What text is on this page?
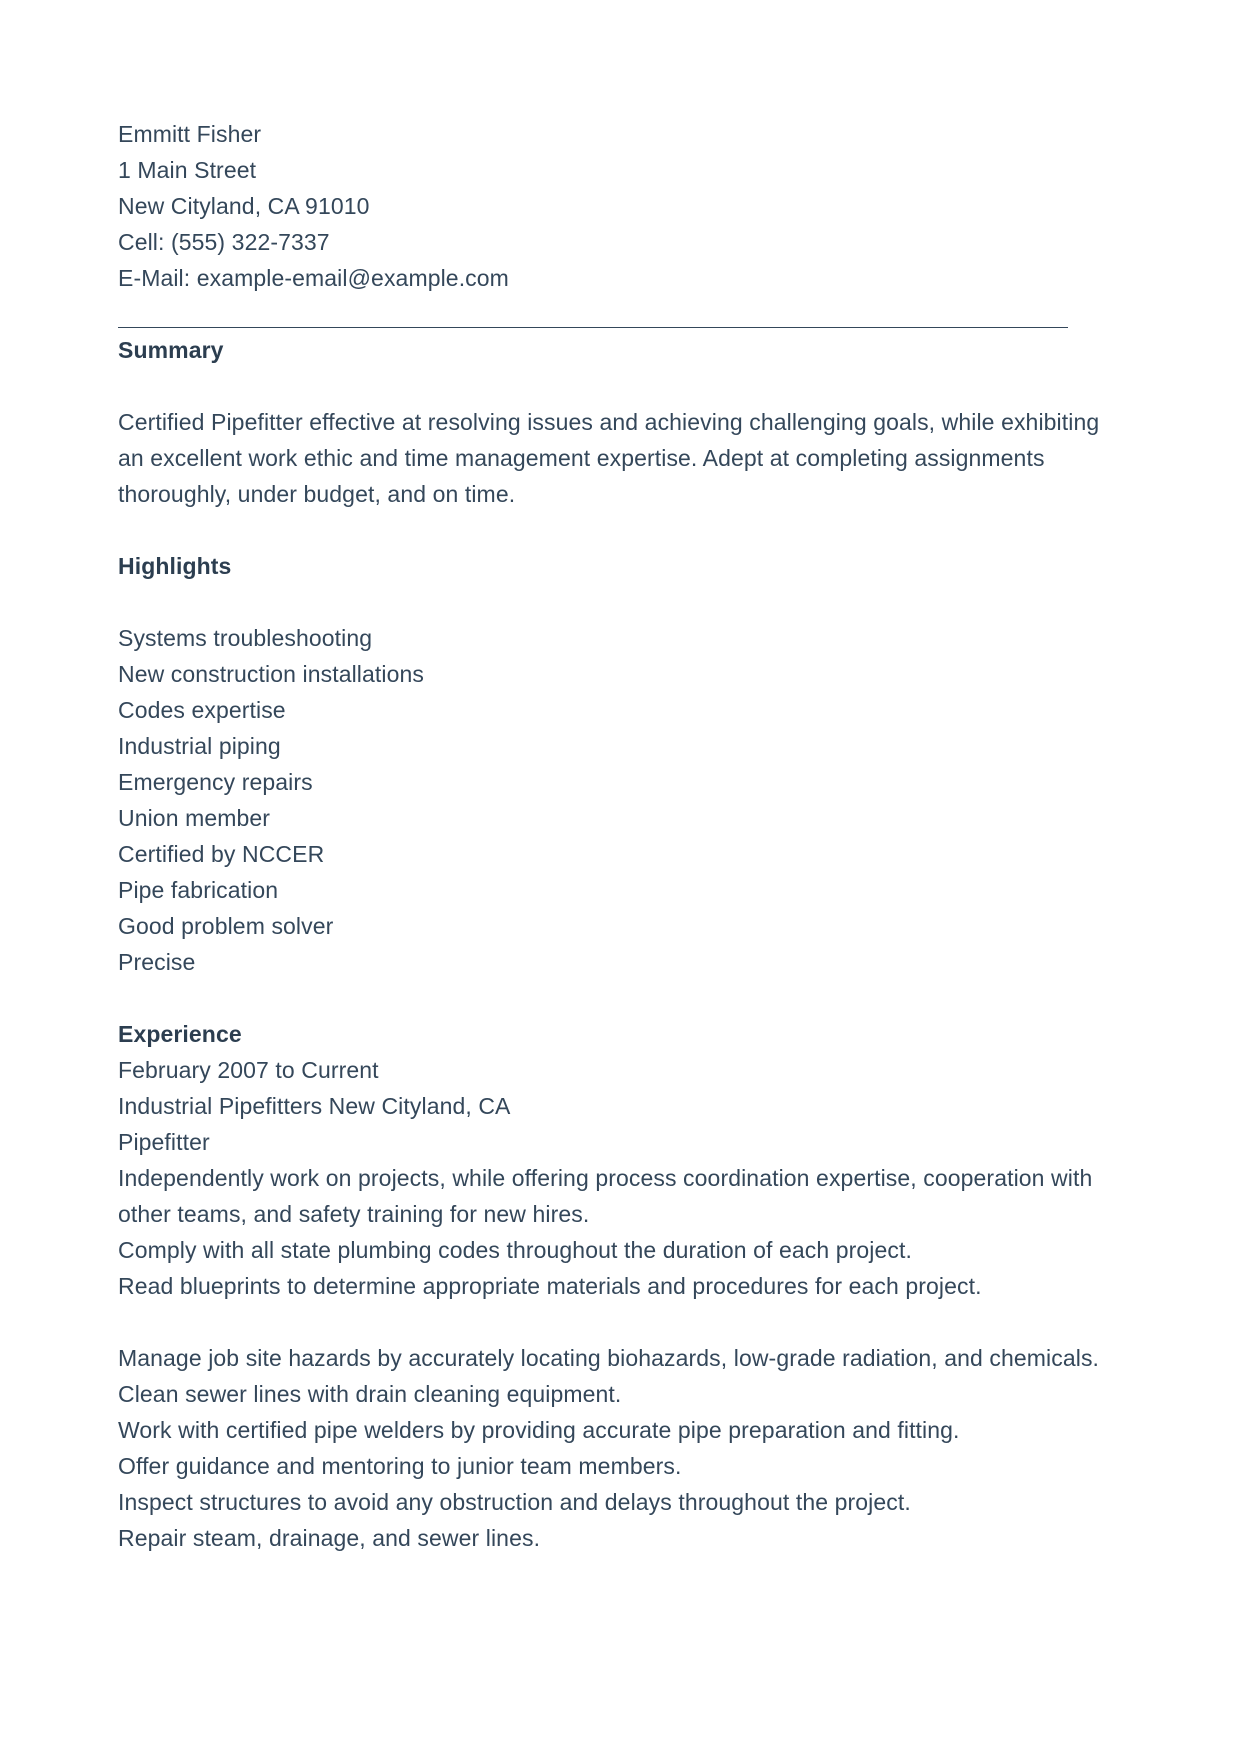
Emmitt Fisher
1 Main Street
New Cityland, CA 91010
Cell: (555) 322-7337
E-Mail: example-email@example.com
Summary
Certified Pipefitter effective at resolving issues and achieving challenging goals, while exhibiting an excellent work ethic and time management expertise. Adept at completing assignments thoroughly, under budget, and on time.
Highlights
Systems troubleshooting
New construction installations
Codes expertise
Industrial piping
Emergency repairs
Union member
Certified by NCCER
Pipe fabrication
Good problem solver
Precise
Experience
February 2007 to Current
Industrial Pipefitters New Cityland, CA
Pipefitter
Independently work on projects, while offering process coordination expertise, cooperation with other teams, and safety training for new hires.
Comply with all state plumbing codes throughout the duration of each project.
Read blueprints to determine appropriate materials and procedures for each project.
Manage job site hazards by accurately locating biohazards, low-grade radiation, and chemicals.
Clean sewer lines with drain cleaning equipment.
Work with certified pipe welders by providing accurate pipe preparation and fitting.
Offer guidance and mentoring to junior team members.
Inspect structures to avoid any obstruction and delays throughout the project.
Repair steam, drainage, and sewer lines.
